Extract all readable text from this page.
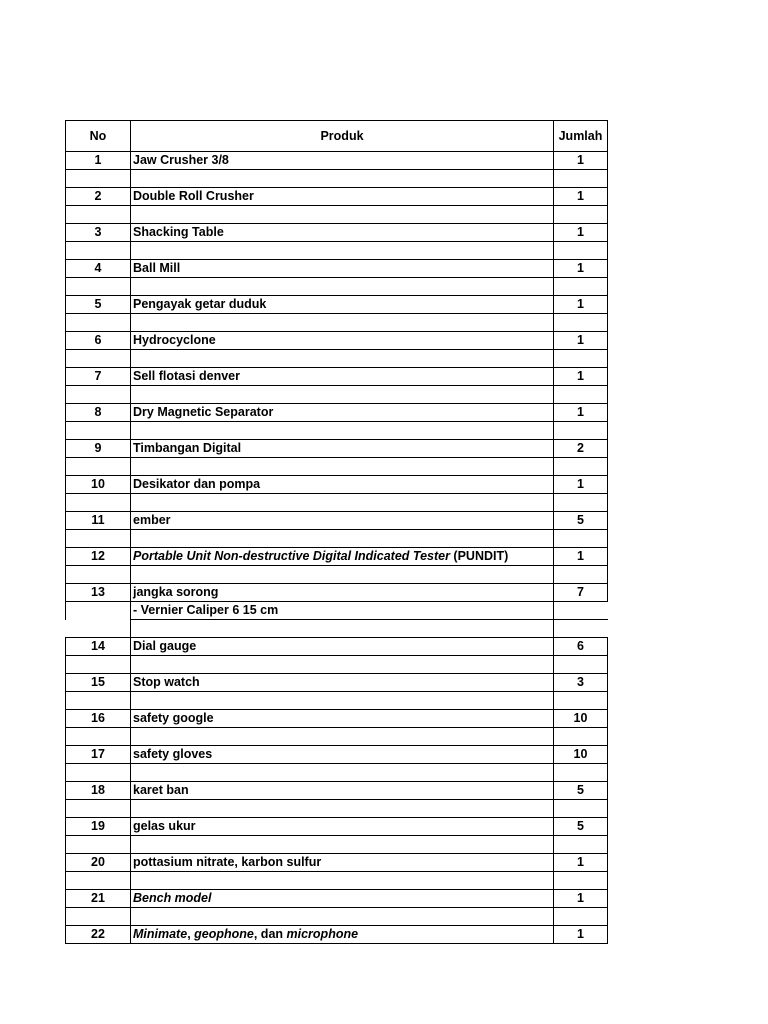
No	Produk	Jumlah
1	Jaw Crusher 3/8	1

2	Double Roll Crusher	1

3	Shacking Table	1

4	Ball Mill	1

5	Pengayak getar duduk	1

6	Hydrocyclone	1

7	Sell flotasi denver	1

8	Dry Magnetic Separator	1

9	Timbangan Digital	2

10	Desikator dan pompa	1

11	ember	5

12	Portable Unit Non-destructive Digital Indicated Tester (PUNDIT)	1

13	jangka sorong	7
	- Vernier Caliper 6 15 cm	

14	Dial gauge	6

15	Stop watch	3

16	safety google	10

17	safety gloves	10

18	karet ban	5

19	gelas ukur	5

20	pottasium nitrate, karbon sulfur	1

21	Bench model	1

22	Minimate, geophone, dan microphone	1
